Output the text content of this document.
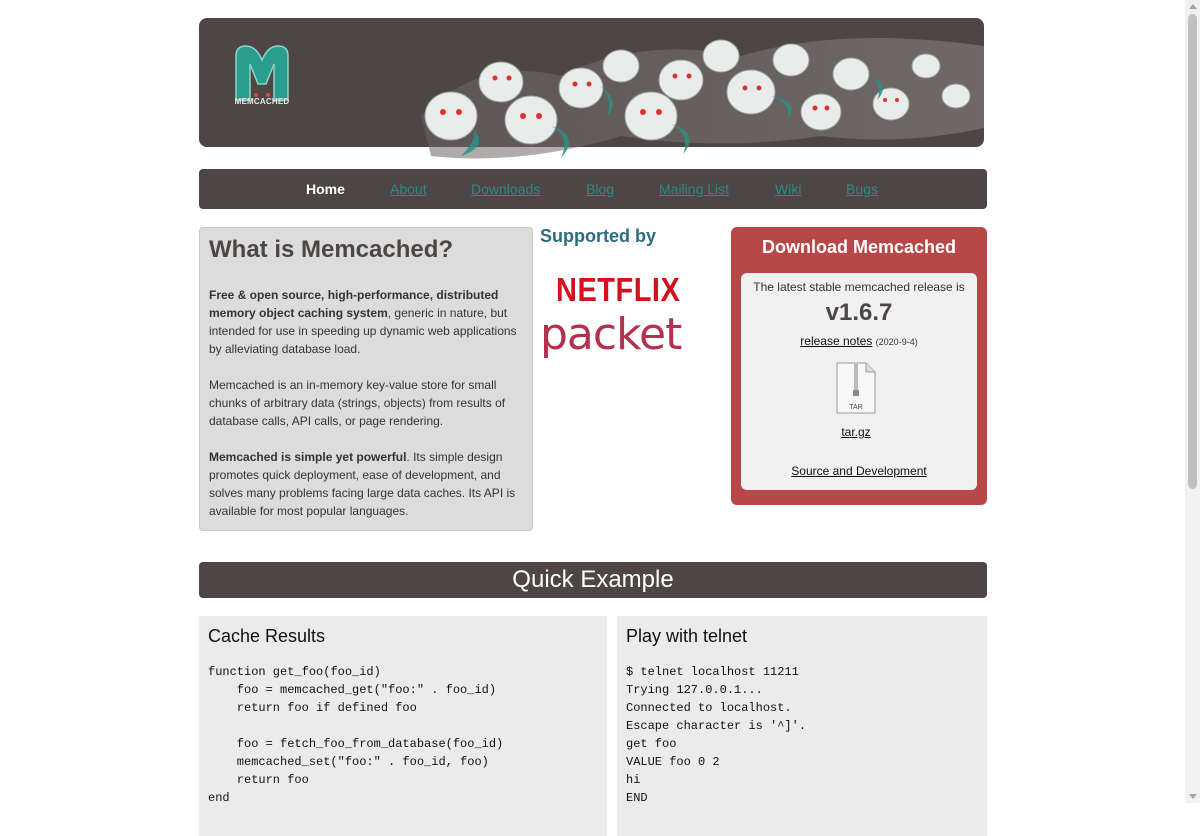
MEMCACHED
Home	About	Downloads	Blog	Mailing List	Wiki	Bugs
What is Memcached?

Free & open source, high-performance, distributed memory object caching system, generic in nature, but intended for use in speeding up dynamic web applications by alleviating database load.

Memcached is an in-memory key-value store for small chunks of arbitrary data (strings, objects) from results of database calls, API calls, or page rendering.

Memcached is simple yet powerful. Its simple design promotes quick deployment, ease of development, and solves many problems facing large data caches. Its API is available for most popular languages.

Supported by
NETFLIX
packet
Download Memcached
The latest stable memcached release is
v1.6.7
release notes (2020-9-4)
TAR
tar.gz
Source and Development
Quick Example
Cache Results
function get_foo(foo_id)
foo = memcached_get("foo:" . foo_id)
return foo if defined foo

foo = fetch_foo_from_database(foo_id)
memcached_set("foo:" . foo_id, foo)
return foo
end
Play with telnet
$ telnet localhost 11211
Trying 127.0.0.1...
Connected to localhost.
Escape character is '^]'.
get foo
VALUE foo 0 2
hi
END
